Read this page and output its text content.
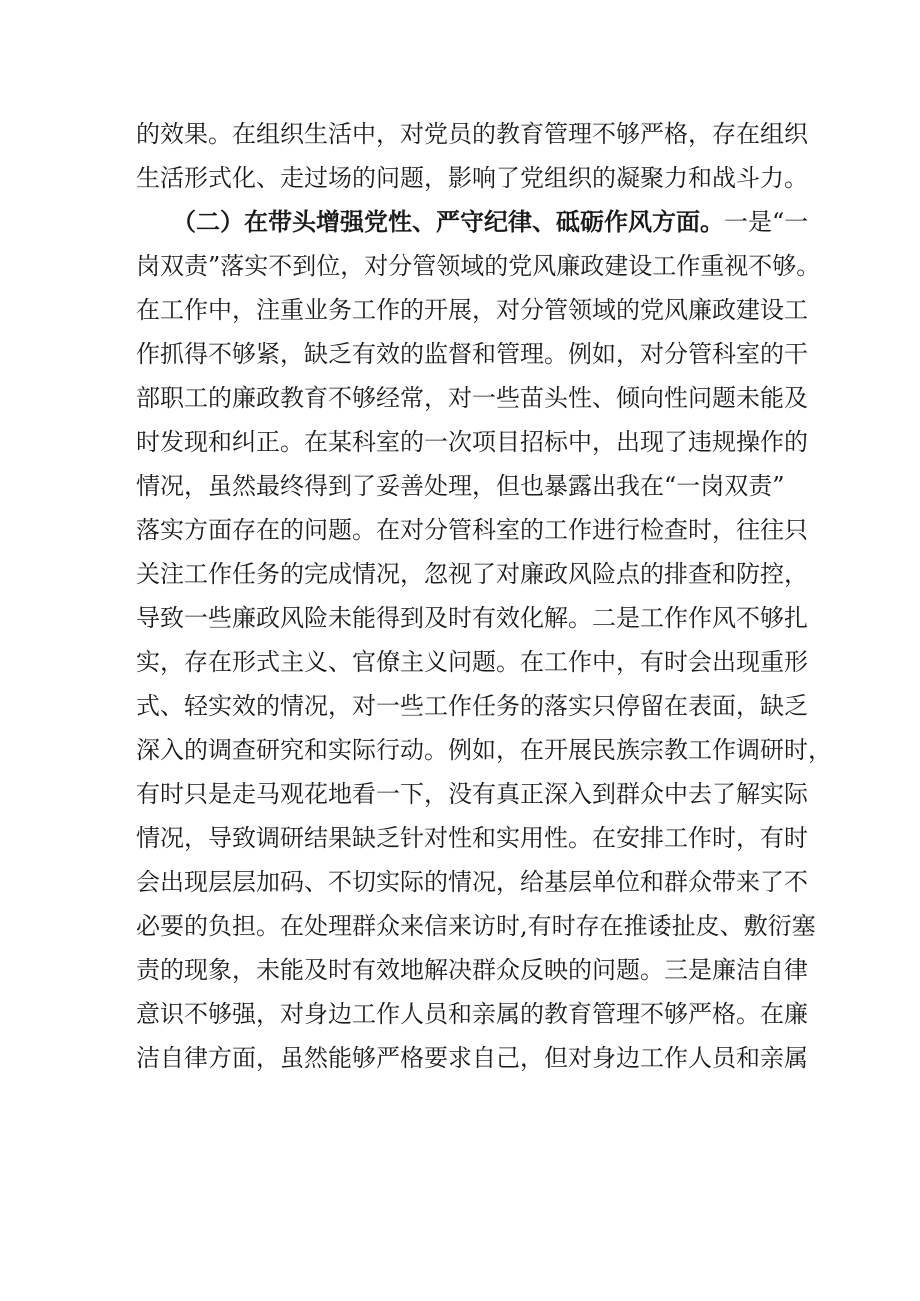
的效果。在组织生活中，对党员的教育管理不够严格，存在组织
生活形式化、走过场的问题，影响了党组织的凝聚力和战斗力。
　　（二）在带头增强党性、严守纪律、砥砺作风方面。一是“一
岗双责”落实不到位，对分管领域的党风廉政建设工作重视不够。
在工作中，注重业务工作的开展，对分管领域的党风廉政建设工
作抓得不够紧，缺乏有效的监督和管理。例如，对分管科室的干
部职工的廉政教育不够经常，对一些苗头性、倾向性问题未能及
时发现和纠正。在某科室的一次项目招标中，出现了违规操作的
情况，虽然最终得到了妥善处理，但也暴露出我在“一岗双责”
落实方面存在的问题。在对分管科室的工作进行检查时，往往只
关注工作任务的完成情况，忽视了对廉政风险点的排查和防控，
导致一些廉政风险未能得到及时有效化解。二是工作作风不够扎
实，存在形式主义、官僚主义问题。在工作中，有时会出现重形
式、轻实效的情况，对一些工作任务的落实只停留在表面，缺乏
深入的调查研究和实际行动。例如，在开展民族宗教工作调研时，
有时只是走马观花地看一下，没有真正深入到群众中去了解实际
情况，导致调研结果缺乏针对性和实用性。在安排工作时，有时
会出现层层加码、不切实际的情况，给基层单位和群众带来了不
必要的负担。在处理群众来信来访时,有时存在推诿扯皮、敷衍塞
责的现象，未能及时有效地解决群众反映的问题。三是廉洁自律
意识不够强，对身边工作人员和亲属的教育管理不够严格。在廉
洁自律方面，虽然能够严格要求自己，但对身边工作人员和亲属
